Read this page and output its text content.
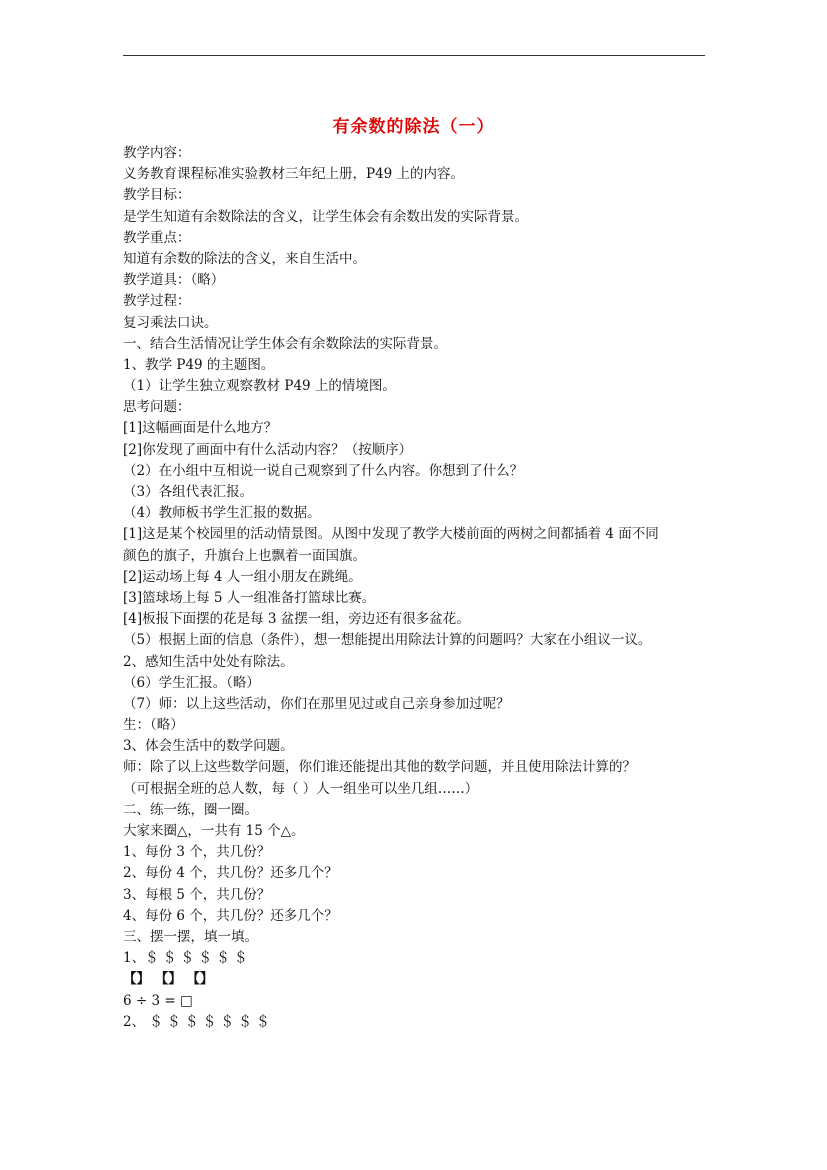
有余数的除法（一）
教学内容：
义务教育课程标准实验教材三年纪上册，P49 上的内容。
教学目标：
是学生知道有余数除法的含义，让学生体会有余数出发的实际背景。
教学重点：
知道有余数的除法的含义，来自生活中。
教学道具：（略）
教学过程：
复习乘法口诀。
一、结合生活情况让学生体会有余数除法的实际背景。
1、教学 P49 的主题图。
（1）让学生独立观察教材 P49 上的情境图。
思考问题：
[1]这幅画面是什么地方？
[2]你发现了画面中有什么活动内容？（按顺序）
（2）在小组中互相说一说自己观察到了什么内容。你想到了什么？
（3）各组代表汇报。
（4）教师板书学生汇报的数据。
[1]这是某个校园里的活动情景图。从图中发现了教学大楼前面的两树之间都插着 4 面不同
颜色的旗子，升旗台上也飘着一面国旗。
[2]运动场上每 4 人一组小朋友在跳绳。
[3]篮球场上每 5 人一组准备打篮球比赛。
[4]板报下面摆的花是每 3 盆摆一组，旁边还有很多盆花。
（5）根据上面的信息（条件），想一想能提出用除法计算的问题吗？大家在小组议一议。
2、感知生活中处处有除法。
（6）学生汇报。（略）
（7）师：以上这些活动，你们在那里见过或自己亲身参加过呢？
生：（略）
3、体会生活中的数学问题。
师：除了以上这些数学问题，你们谁还能提出其他的数学问题，并且使用除法计算的？
（可根据全班的总人数，每（ ）人一组坐可以坐几组……）
二、练一练，圈一圈。
大家来圈△，一共有 15 个△。
1、每份 3 个，共几份？
2、每份 4 个，共几份？还多几个？
3、每根 5 个，共几份？
4、每份 6 个，共几份？还多几个？
三、摆一摆，填一填。
1、＄ ＄ ＄ ＄ ＄ ＄
【】 【】 【】
6 ÷ 3 = □
2、 ＄ ＄ ＄ ＄ ＄ ＄ ＄
